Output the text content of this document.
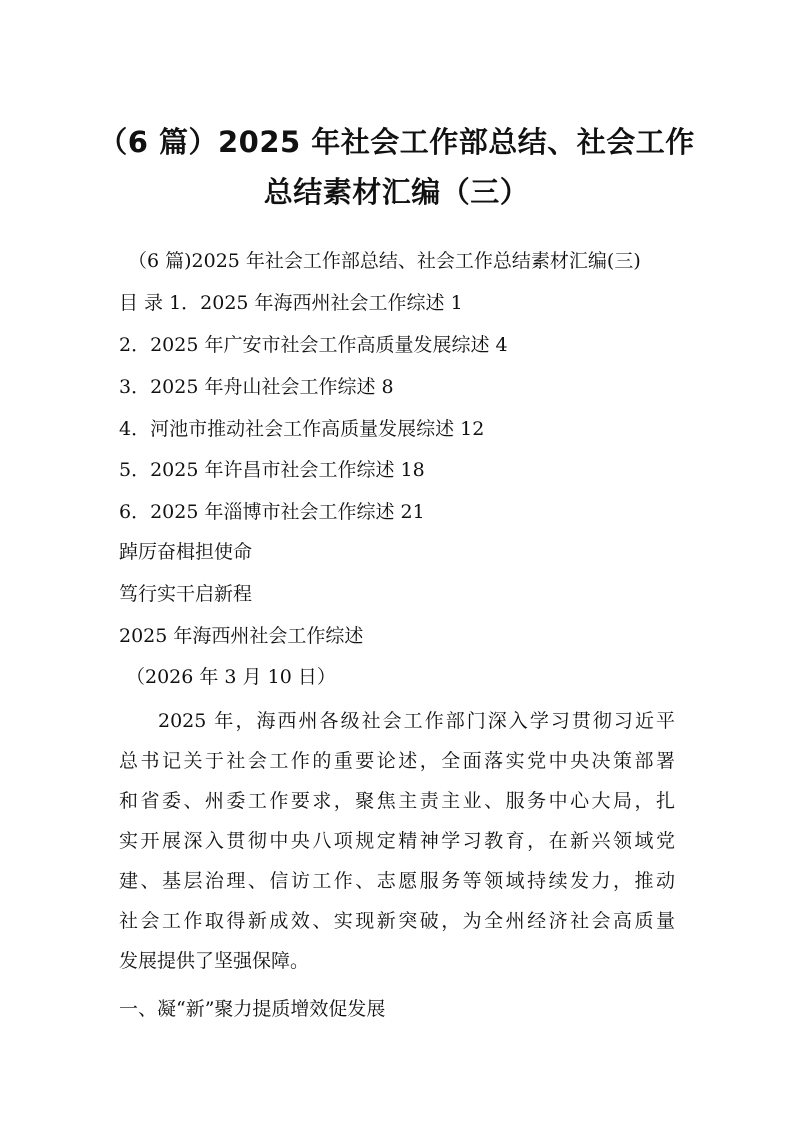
（6 篇）2025 年社会工作部总结、社会工作
总结素材汇编（三）

（6 篇)2025 年社会工作部总结、社会工作总结素材汇编(三)

目 录 1．2025 年海西州社会工作综述 1

2．2025 年广安市社会工作高质量发展综述 4

3．2025 年舟山社会工作综述 8

4．河池市推动社会工作高质量发展综述 12

5．2025 年许昌市社会工作综述 18

6．2025 年淄博市社会工作综述 21

踔厉奋楫担使命

笃行实干启新程

2025 年海西州社会工作综述

（2026 年 3 月 10 日）

2025 年，海西州各级社会工作部门深入学习贯彻习近平
总书记关于社会工作的重要论述，全面落实党中央决策部署
和省委、州委工作要求，聚焦主责主业、服务中心大局，扎
实开展深入贯彻中央八项规定精神学习教育，在新兴领域党
建、基层治理、信访工作、志愿服务等领域持续发力，推动
社会工作取得新成效、实现新突破，为全州经济社会高质量
发展提供了坚强保障。

一、凝“新”聚力提质增效促发展
